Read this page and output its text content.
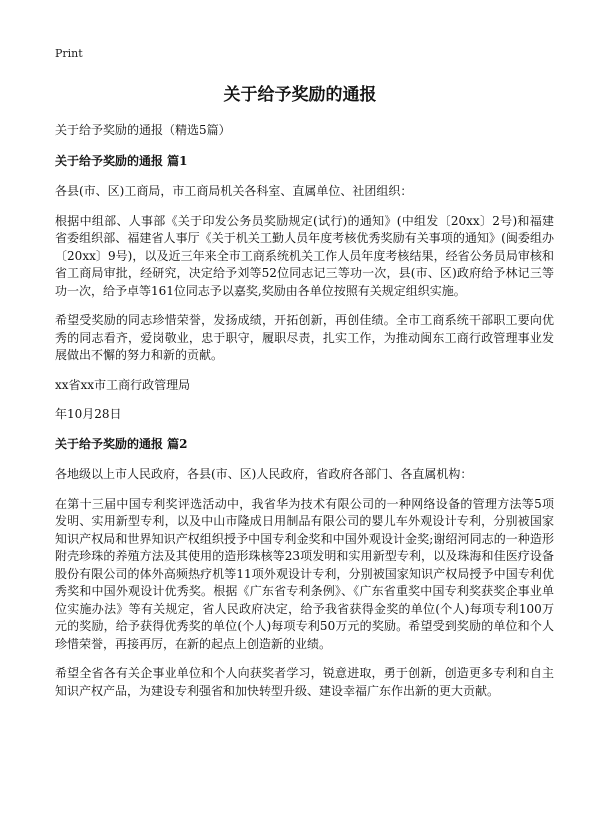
Print
关于给予奖励的通报

关于给予奖励的通报（精选5篇）

关于给予奖励的通报 篇1

各县(市、区)工商局，市工商局机关各科室、直属单位、社团组织：

根据中组部、人事部《关于印发公务员奖励规定(试行)的通知》(中组发〔20xx〕2号)和福建省委组织部、福建省人事厅《关于机关工勤人员年度考核优秀奖励有关事项的通知》(闽委组办〔20xx〕9号)，以及近三年来全市工商系统机关工作人员年度考核结果，经省公务员局审核和省工商局审批，经研究，决定给予刘等52位同志记三等功一次，县(市、区)政府给予林记三等功一次，给予卓等161位同志予以嘉奖,奖励由各单位按照有关规定组织实施。

希望受奖励的同志珍惜荣誉，发扬成绩，开拓创新，再创佳绩。全市工商系统干部职工要向优秀的同志看齐，爱岗敬业，忠于职守，履职尽责，扎实工作，为推动闽东工商行政管理事业发展做出不懈的努力和新的贡献。

xx省xx市工商行政管理局

年10月28日

关于给予奖励的通报 篇2

各地级以上市人民政府，各县(市、区)人民政府，省政府各部门、各直属机构：

在第十三届中国专利奖评选活动中，我省华为技术有限公司的一种网络设备的管理方法等5项发明、实用新型专利，以及中山市隆成日用制品有限公司的婴儿车外观设计专利，分别被国家知识产权局和世界知识产权组织授予中国专利金奖和中国外观设计金奖;谢绍河同志的一种造形附壳珍珠的养殖方法及其使用的造形珠核等23项发明和实用新型专利，以及珠海和佳医疗设备股份有限公司的体外高频热疗机等11项外观设计专利，分别被国家知识产权局授予中国专利优秀奖和中国外观设计优秀奖。根据《广东省专利条例》、《广东省重奖中国专利奖获奖企事业单位实施办法》等有关规定，省人民政府决定，给予我省获得金奖的单位(个人)每项专利100万元的奖励，给予获得优秀奖的单位(个人)每项专利50万元的奖励。希望受到奖励的单位和个人珍惜荣誉，再接再厉，在新的起点上创造新的业绩。

希望全省各有关企事业单位和个人向获奖者学习，锐意进取，勇于创新，创造更多专利和自主知识产权产品，为建设专利强省和加快转型升级、建设幸福广东作出新的更大贡献。
